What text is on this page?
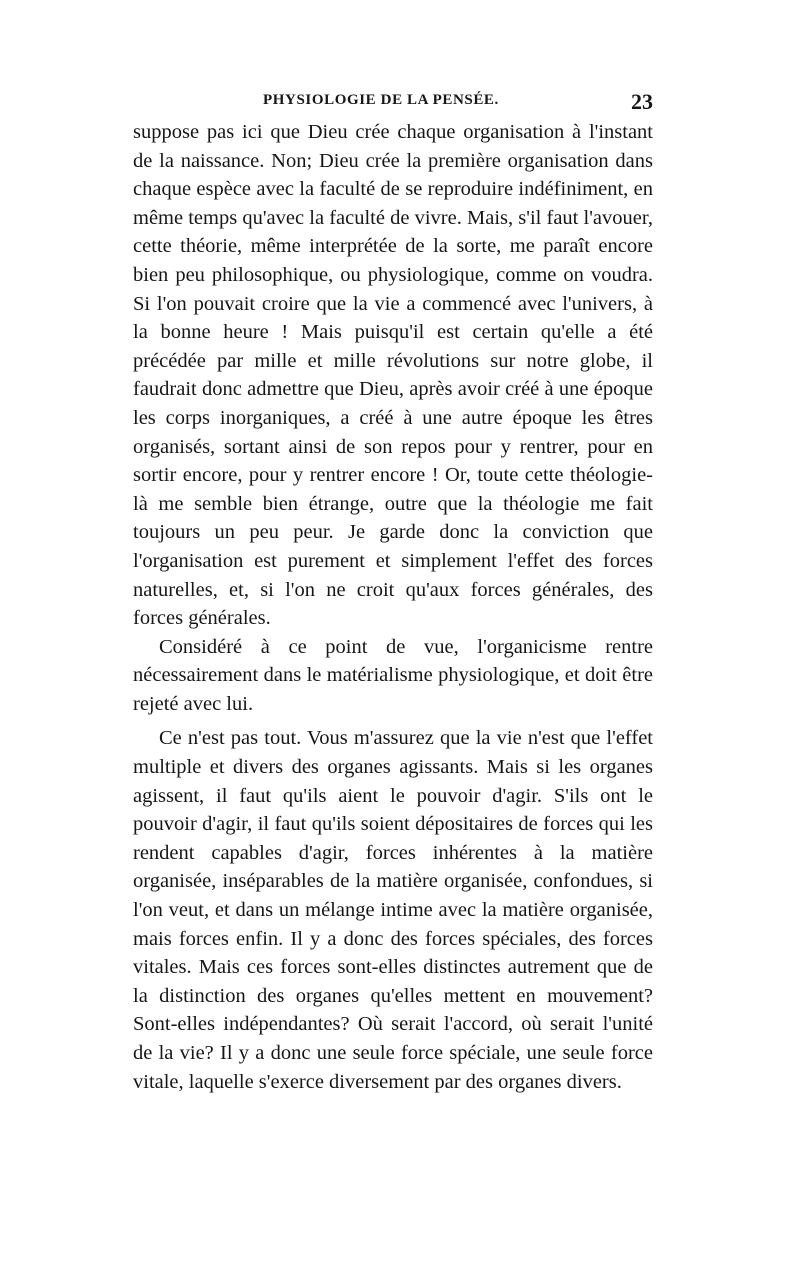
PHYSIOLOGIE DE LA PENSÉE.	23

suppose pas ici que Dieu crée chaque organisation à l'instant de la naissance. Non; Dieu crée la première organisation dans chaque espèce avec la faculté de se reproduire indéfiniment, en même temps qu'avec la faculté de vivre. Mais, s'il faut l'avouer, cette théorie, même interprétée de la sorte, me paraît encore bien peu philosophique, ou physiologique, comme on voudra. Si l'on pouvait croire que la vie a commencé avec l'univers, à la bonne heure ! Mais puisqu'il est certain qu'elle a été précédée par mille et mille révolutions sur notre globe, il faudrait donc admettre que Dieu, après avoir créé à une époque les corps inorganiques, a créé à une autre époque les êtres organisés, sortant ainsi de son repos pour y rentrer, pour en sortir encore, pour y rentrer encore ! Or, toute cette théologie-là me semble bien étrange, outre que la théologie me fait toujours un peu peur. Je garde donc la conviction que l'organisation est purement et simplement l'effet des forces naturelles, et, si l'on ne croit qu'aux forces générales, des forces générales.

Considéré à ce point de vue, l'organicisme rentre nécessairement dans le matérialisme physiologique, et doit être rejeté avec lui.

Ce n'est pas tout. Vous m'assurez que la vie n'est que l'effet multiple et divers des organes agissants. Mais si les organes agissent, il faut qu'ils aient le pouvoir d'agir. S'ils ont le pouvoir d'agir, il faut qu'ils soient dépositaires de forces qui les rendent capables d'agir, forces inhérentes à la matière organisée, inséparables de la matière organisée, confondues, si l'on veut, et dans un mélange intime avec la matière organisée, mais forces enfin. Il y a donc des forces spéciales, des forces vitales. Mais ces forces sont-elles distinctes autrement que de la distinction des organes qu'elles mettent en mouvement? Sont-elles indépendantes? Où serait l'accord, où serait l'unité de la vie? Il y a donc une seule force spéciale, une seule force vitale, laquelle s'exerce diversement par des organes divers.
